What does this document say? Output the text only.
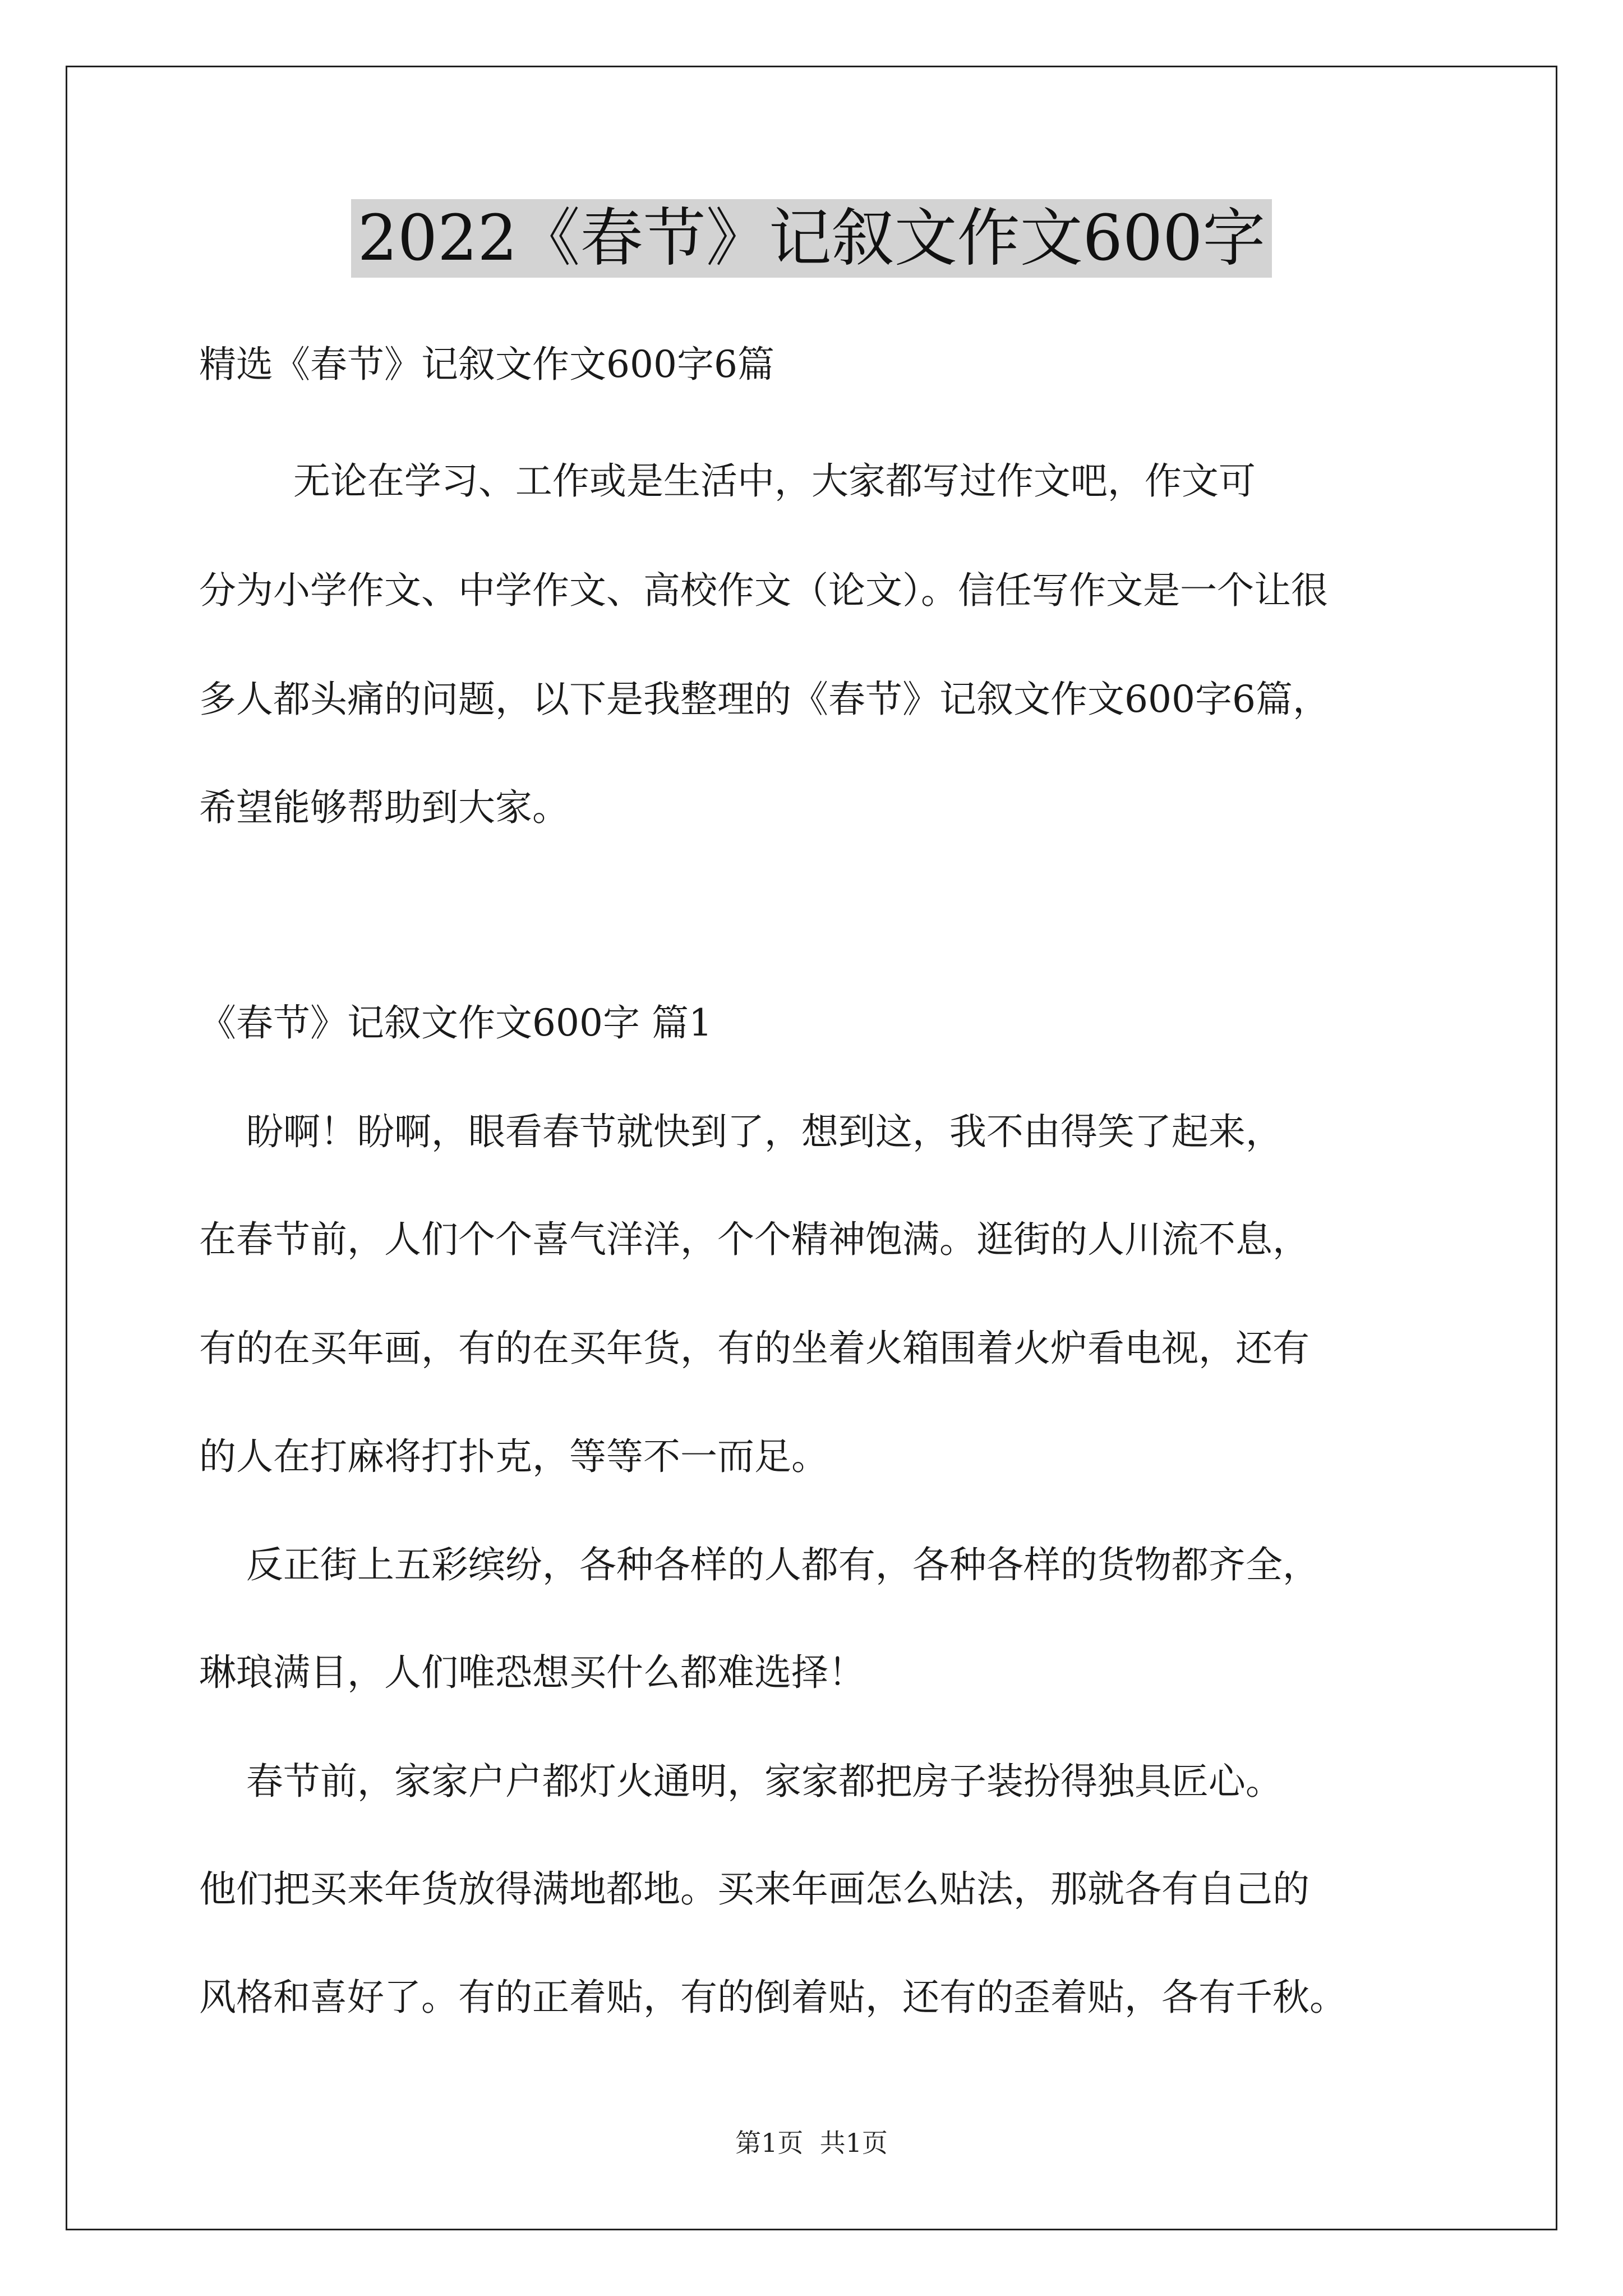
2022《春节》记叙文作文600字
精选《春节》记叙文作文600字6篇
无论在学习、工作或是生活中，大家都写过作文吧，作文可
分为小学作文、中学作文、高校作文（论文）。信任写作文是一个让很
多人都头痛的问题，以下是我整理的《春节》记叙文作文600字6篇，
希望能够帮助到大家。
《春节》记叙文作文600字 篇1
盼啊！盼啊，眼看春节就快到了，想到这，我不由得笑了起来，
在春节前，人们个个喜气洋洋，个个精神饱满。逛街的人川流不息，
有的在买年画，有的在买年货，有的坐着火箱围着火炉看电视，还有
的人在打麻将打扑克，等等不一而足。
反正街上五彩缤纷，各种各样的人都有，各种各样的货物都齐全，
琳琅满目，人们唯恐想买什么都难选择！
春节前，家家户户都灯火通明，家家都把房子装扮得独具匠心。
他们把买来年货放得满地都地。买来年画怎么贴法，那就各有自己的
风格和喜好了。有的正着贴，有的倒着贴，还有的歪着贴，各有千秋。
第1页  共1页
